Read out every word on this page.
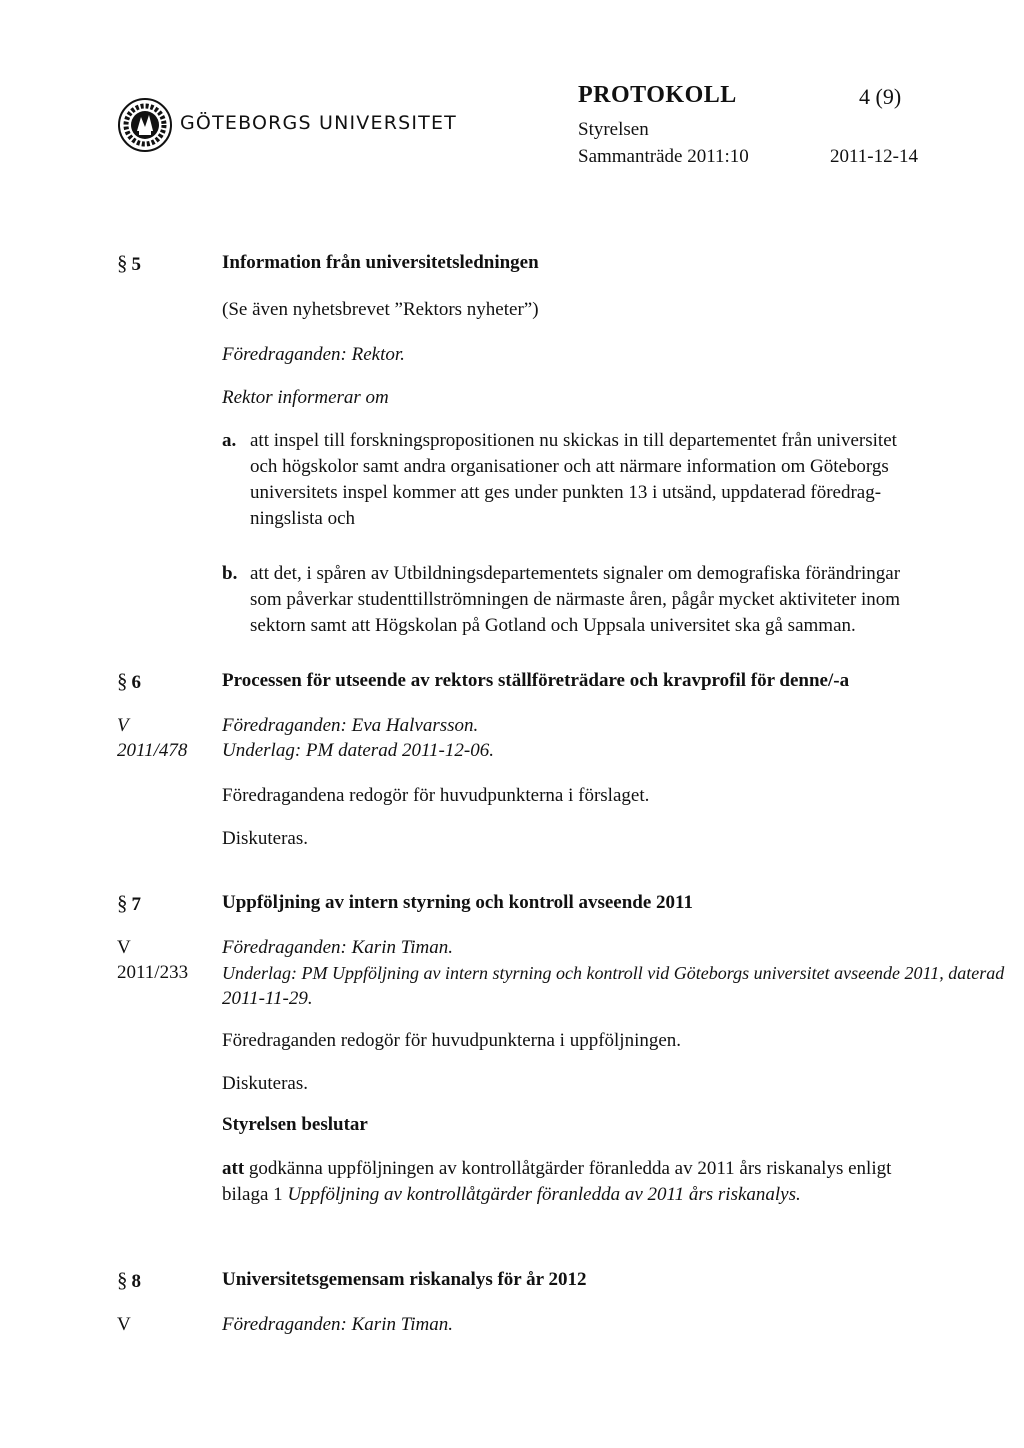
GÖTEBORGS UNIVERSITET
PROTOKOLL	4 (9)
Styrelsen
Sammanträde 2011:10	2011-12-14
§ 5	Information från universitetsledningen
(Se även nyhetsbrevet ”Rektors nyheter”)
Föredraganden: Rektor.
Rektor informerar om
a. att inspel till forskningspropositionen nu skickas in till departementet från universitet
och högskolor samt andra organisationer och att närmare information om Göteborgs
universitets inspel kommer att ges under punkten 13 i utsänd, uppdaterad föredrag-
ningslista och
b. att det, i spåren av Utbildningsdepartementets signaler om demografiska förändringar
som påverkar studenttillströmningen de närmaste åren, pågår mycket aktiviteter inom
sektorn samt att Högskolan på Gotland och Uppsala universitet ska gå samman.
§ 6	Processen för utseende av rektors ställföreträdare och kravprofil för denne/-a
V
2011/478
Föredraganden: Eva Halvarsson.
Underlag: PM daterad 2011-12-06.
Föredragandena redogör för huvudpunkterna i förslaget.
Diskuteras.
§ 7	Uppföljning av intern styrning och kontroll avseende 2011
V
2011/233
Föredraganden: Karin Timan.
Underlag: PM Uppföljning av intern styrning och kontroll vid Göteborgs universitet avseende 2011, daterad
2011-11-29.
Föredraganden redogör för huvudpunkterna i uppföljningen.
Diskuteras.
Styrelsen beslutar
att godkänna uppföljningen av kontrollåtgärder föranledda av 2011 års riskanalys enligt
bilaga 1 Uppföljning av kontrollåtgärder föranledda av 2011 års riskanalys.
§ 8	Universitetsgemensam riskanalys för år 2012
V	Föredraganden: Karin Timan.
